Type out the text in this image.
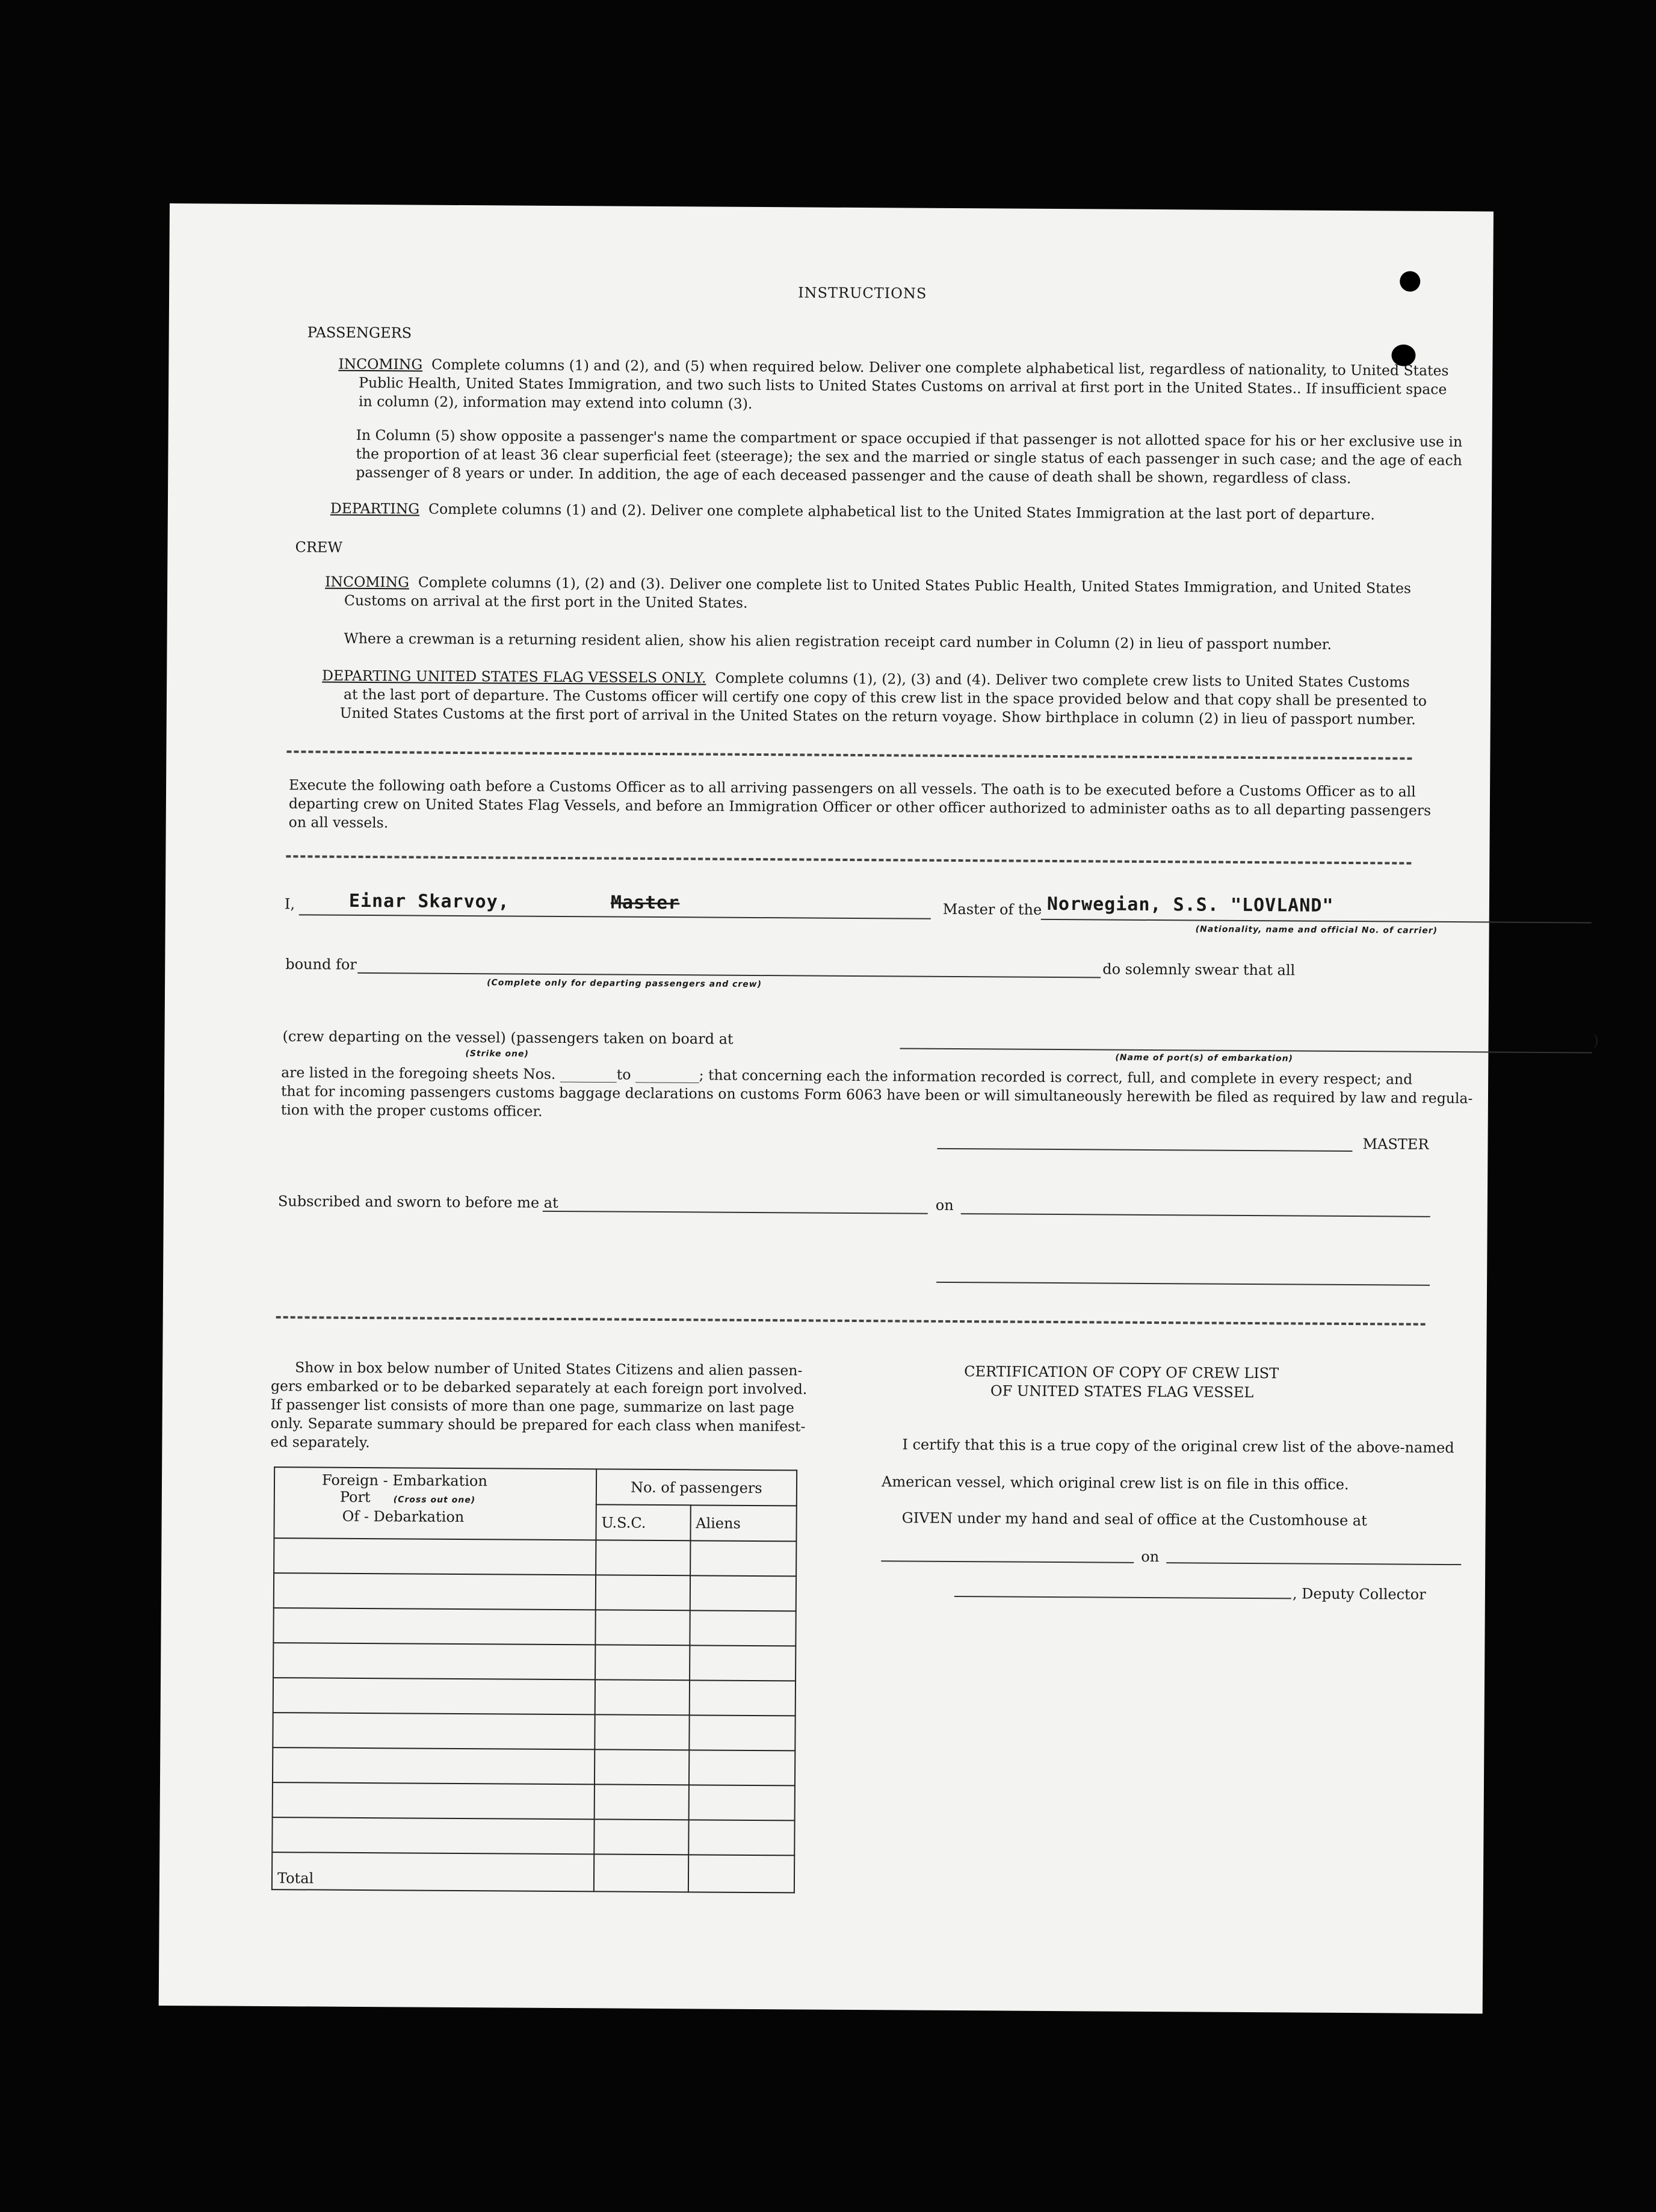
INSTRUCTIONS
PASSENGERS
INCOMING Complete columns (1) and (2), and (5) when required below. Deliver one complete alphabetical list, regardless of nationality, to United States
Public Health, United States Immigration, and two such lists to United States Customs on arrival at first port in the United States.. If insufficient space
in column (2), information may extend into column (3).
In Column (5) show opposite a passenger's name the compartment or space occupied if that passenger is not allotted space for his or her exclusive use in
the proportion of at least 36 clear superficial feet (steerage); the sex and the married or single status of each passenger in such case; and the age of each
passenger of 8 years or under. In addition, the age of each deceased passenger and the cause of death shall be shown, regardless of class.
DEPARTING Complete columns (1) and (2). Deliver one complete alphabetical list to the United States Immigration at the last port of departure.
CREW
INCOMING Complete columns (1), (2) and (3). Deliver one complete list to United States Public Health, United States Immigration, and United States
Customs on arrival at the first port in the United States.
Where a crewman is a returning resident alien, show his alien registration receipt card number in Column (2) in lieu of passport number.
DEPARTING UNITED STATES FLAG VESSELS ONLY. Complete columns (1), (2), (3) and (4). Deliver two complete crew lists to United States Customs
at the last port of departure. The Customs officer will certify one copy of this crew list in the space provided below and that copy shall be presented to
United States Customs at the first port of arrival in the United States on the return voyage. Show birthplace in column (2) in lieu of passport number.
Execute the following oath before a Customs Officer as to all arriving passengers on all vessels. The oath is to be executed before a Customs Officer as to all
departing crew on United States Flag Vessels, and before an Immigration Officer or other officer authorized to administer oaths as to all departing passengers
on all vessels.
I,	Einar Skarvoy,	Master	Master of the Norwegian, S.S. "LOVLAND"
(Nationality, name and official No. of carrier)
bound for
(Complete only for departing passengers and crew)
do solemnly swear that all
(crew departing on the vessel) (passengers taken on board at	)
(Strike one)	(Name of port(s) of embarkation)
are listed in the foregoing sheets Nos. ________to _________; that concerning each the information recorded is correct, full, and complete in every respect; and
that for incoming passengers customs baggage declarations on customs Form 6063 have been or will simultaneously herewith be filed as required by law and regula-
tion with the proper customs officer.
MASTER
Subscribed and sworn to before me at	on
Show in box below number of United States Citizens and alien passen-
gers embarked or to be debarked separately at each foreign port involved.
If passenger list consists of more than one page, summarize on last page
only. Separate summary should be prepared for each class when manifest-
ed separately.
Foreign - Embarkation
Port (Cross out one)
Of - Debarkation	No. of passengers	
	U.S.C.	Aliens

Total		
CERTIFICATION OF COPY OF CREW LIST
OF UNITED STATES FLAG VESSEL
I certify that this is a true copy of the original crew list of the above-named
American vessel, which original crew list is on file in this office.
GIVEN under my hand and seal of office at the Customhouse at
on
, Deputy Collector
